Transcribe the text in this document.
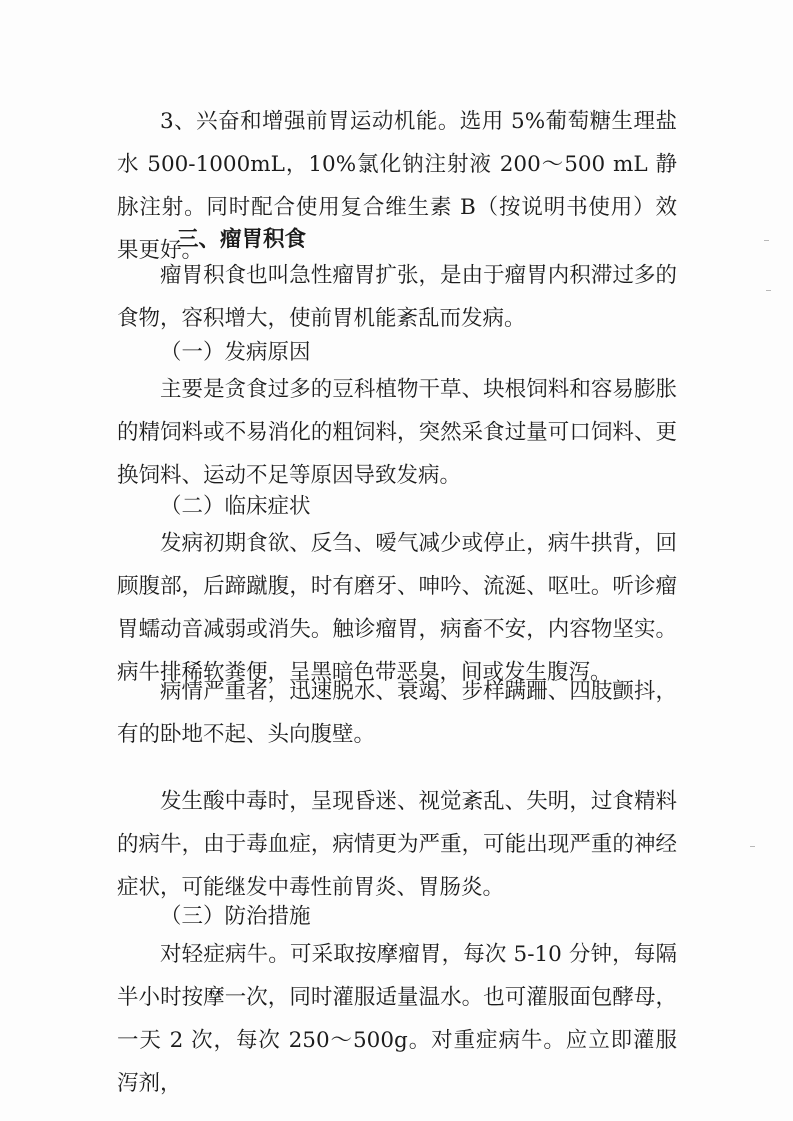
3、兴奋和增强前胃运动机能。选用 5%葡萄糖生理盐水 500-1000mL，10%氯化钠注射液 200～500 mL 静脉注射。同时配合使用复合维生素 B（按说明书使用）效果更好。

三、瘤胃积食

瘤胃积食也叫急性瘤胃扩张，是由于瘤胃内积滞过多的食物，容积增大，使前胃机能紊乱而发病。

（一）发病原因

主要是贪食过多的豆科植物干草、块根饲料和容易膨胀的精饲料或不易消化的粗饲料，突然采食过量可口饲料、更换饲料、运动不足等原因导致发病。

（二）临床症状

发病初期食欲、反刍、嗳气减少或停止，病牛拱背，回顾腹部，后蹄蹴腹，时有磨牙、呻吟、流涎、呕吐。听诊瘤胃蠕动音减弱或消失。触诊瘤胃，病畜不安，内容物坚实。病牛排稀软粪便，呈黑暗色带恶臭，间或发生腹泻。

病情严重者，迅速脱水、衰竭、步样蹒跚、四肢颤抖，有的卧地不起、头向腹壁。

发生酸中毒时，呈现昏迷、视觉紊乱、失明，过食精料的病牛，由于毒血症，病情更为严重，可能出现严重的神经症状，可能继发中毒性前胃炎、胃肠炎。

（三）防治措施

对轻症病牛。可采取按摩瘤胃，每次 5-10 分钟，每隔半小时按摩一次，同时灌服适量温水。也可灌服面包酵母，一天 2 次，每次 250～500g。对重症病牛。应立即灌服泻剂，
